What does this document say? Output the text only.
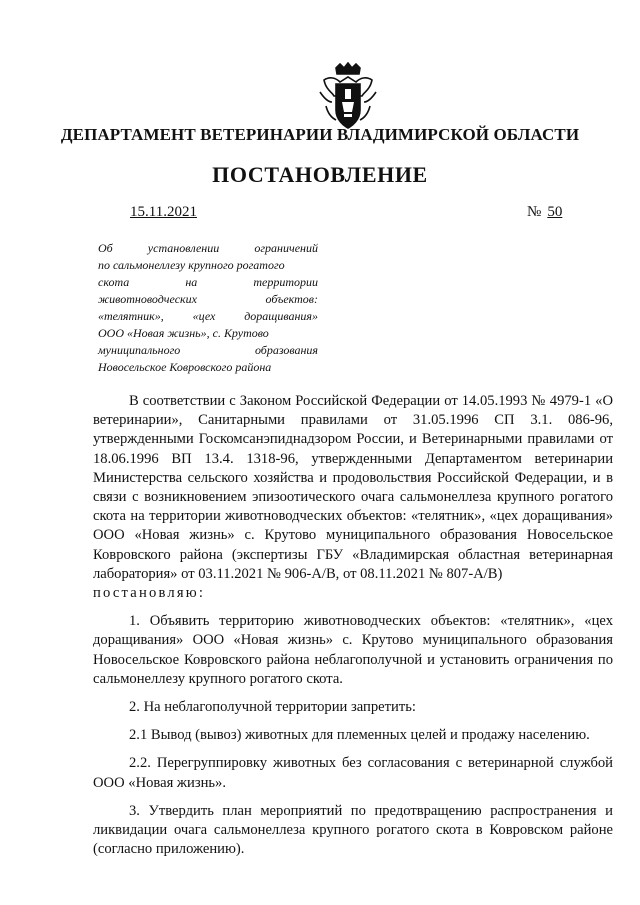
ДЕПАРТАМЕНТ ВЕТЕРИНАРИИ ВЛАДИМИРСКОЙ ОБЛАСТИ
ПОСТАНОВЛЕНИЕ
15.11.2021	№ 50
Об установлении ограничений
по сальмонеллезу крупного рогатого
скота на территории
животноводческих объектов:
«телятник», «цех доращивания»
ООО «Новая жизнь», с. Крутово
муниципального образования
Новосельское Ковровского района

В соответствии с Законом Российской Федерации от 14.05.1993 № 4979-1 «О ветеринарии», Санитарными правилами от 31.05.1996 СП 3.1. 086-96, утвержденными Госкомсанэпиднадзором России, и Ветеринарными правилами от 18.06.1996 ВП 13.4. 1318-96, утвержденными Департаментом ветеринарии Министерства сельского хозяйства и продовольствия Российской Федерации, и в связи с возникновением эпизоотического очага сальмонеллеза крупного рогатого скота на территории животноводческих объектов: «телятник», «цех доращивания» ООО «Новая жизнь» с. Крутово муниципального образования Новосельское Ковровского района (экспертизы ГБУ «Владимирская областная ветеринарная лаборатория» от 03.11.2021 № 906-А/В, от 08.11.2021 № 807-А/В)

постановляю:

1. Объявить территорию животноводческих объектов: «телятник», «цех доращивания» ООО «Новая жизнь» с. Крутово муниципального образования Новосельское Ковровского района неблагополучной и установить ограничения по сальмонеллезу крупного рогатого скота.

2. На неблагополучной территории запретить:

2.1 Вывод (вывоз) животных для племенных целей и продажу населению.

2.2. Перегруппировку животных без согласования с ветеринарной службой ООО «Новая жизнь».

3. Утвердить план мероприятий по предотвращению распространения и ликвидации очага сальмонеллеза крупного рогатого скота в Ковровском районе (согласно приложению).
